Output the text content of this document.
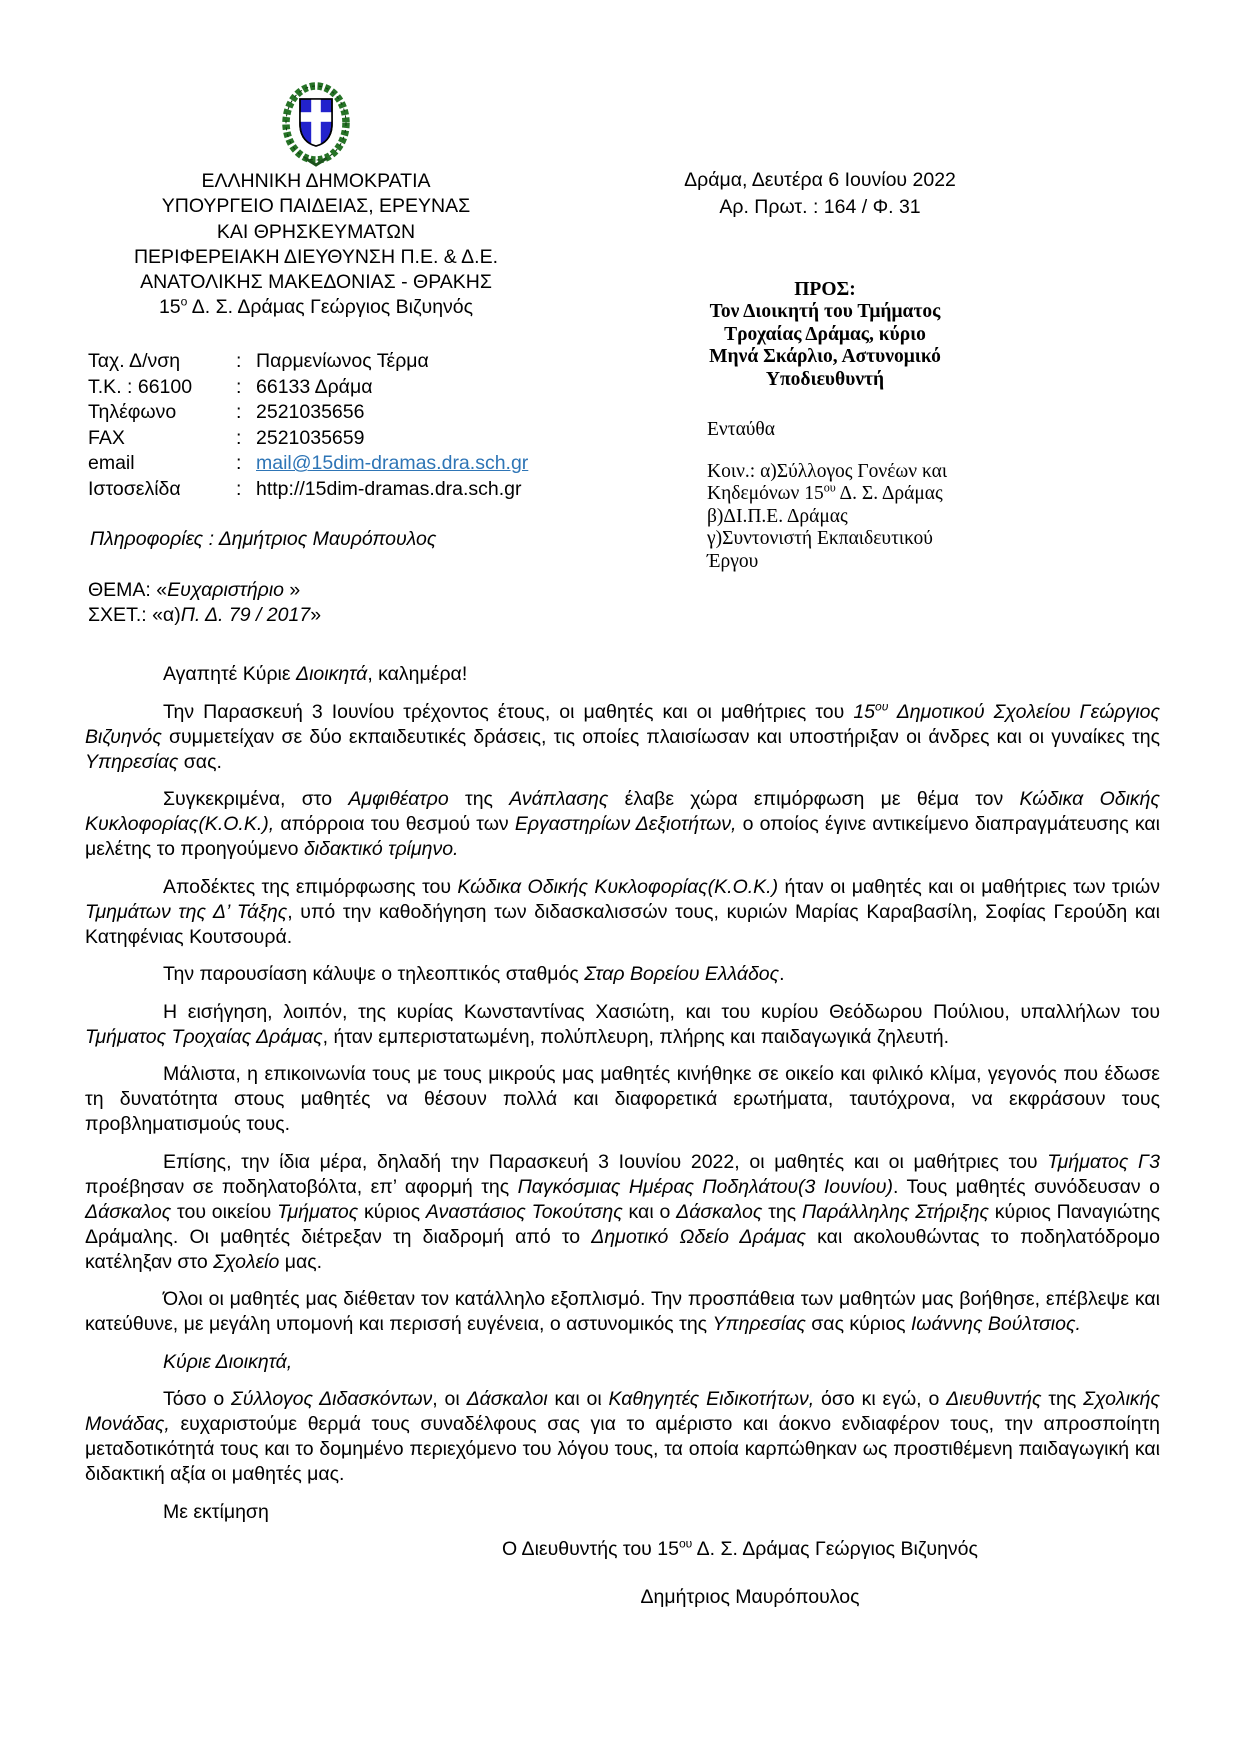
ΕΛΛΗΝΙΚΗ ΔΗΜΟΚΡΑΤΙΑ
ΥΠΟΥΡΓΕΙΟ ΠΑΙΔΕΙΑΣ, ΕΡΕΥΝΑΣ
ΚΑΙ ΘΡΗΣΚΕΥΜΑΤΩΝ
ΠΕΡΙΦΕΡΕΙΑΚΗ ΔΙΕΥΘΥΝΣΗ Π.Ε. & Δ.Ε.
ΑΝΑΤΟΛΙΚΗΣ ΜΑΚΕΔΟΝΙΑΣ - ΘΡΑΚΗΣ
$15^o$ Δ. Σ. Δράμας Γεώργιος Βιζυηνός
Ταχ. Δ/νση	: Παρμενίωνος Τέρμα
Τ.Κ. : 66100	: 66133 Δράμα
Τηλέφωνο	: 2521035656
FAX	: 2521035659
email	: mail@15dim-dramas.dra.sch.gr
Ιστοσελίδα	: http://15dim-dramas.dra.sch.gr
Πληροφορίες : Δημήτριος Μαυρόπουλος
Δράμα, Δευτέρα 6 Ιουνίου 2022
Αρ. Πρωτ. : 164 / Φ. 31
ΠΡΟΣ:
Τον Διοικητή του Τμήματος
Τροχαίας Δράμας, κύριο
Μηνά Σκάρλιο, Αστυνομικό
Υποδιευθυντή
Ενταύθα
Κοιν.: α)Σύλλογος Γονέων και
Κηδεμόνων $15^{o\upsilon}$ Δ. Σ. Δράμας
β)ΔΙ.Π.Ε. Δράμας
γ)Συντονιστή Εκπαιδευτικού
Έργου
ΘΕΜΑ: «Ευχαριστήριο »
ΣΧΕΤ.: «α)Π. Δ. 79 / 2017»

Αγαπητέ Κύριε Διοικητά, καλημέρα!

Την Παρασκευή 3 Ιουνίου τρέχοντος έτους, οι μαθητές και οι μαθήτριες του $15^{o\upsilon}$ Δημοτικού Σχολείου Γεώργιος Βιζυηνός συμμετείχαν σε δύο εκπαιδευτικές δράσεις, τις οποίες πλαισίωσαν και υποστήριξαν οι άνδρες και οι γυναίκες της Υπηρεσίας σας.

Συγκεκριμένα, στο Αμφιθέατρο της Ανάπλασης έλαβε χώρα επιμόρφωση με θέμα τον Κώδικα Οδικής Κυκλοφορίας(Κ.Ο.Κ.), απόρροια του θεσμού των Εργαστηρίων Δεξιοτήτων, ο οποίος έγινε αντικείμενο διαπραγμάτευσης και μελέτης το προηγούμενο διδακτικό τρίμηνο.

Αποδέκτες της επιμόρφωσης του Κώδικα Οδικής Κυκλοφορίας(Κ.Ο.Κ.) ήταν οι μαθητές και οι μαθήτριες των τριών Τμημάτων της Δ’ Τάξης, υπό την καθοδήγηση των διδασκαλισσών τους, κυριών Μαρίας Καραβασίλη, Σοφίας Γερούδη και Κατηφένιας Κουτσουρά.

Την παρουσίαση κάλυψε ο τηλεοπτικός σταθμός Σταρ Βορείου Ελλάδος.

Η εισήγηση, λοιπόν, της κυρίας Κωνσταντίνας Χασιώτη, και του κυρίου Θεόδωρου Πούλιου, υπαλλήλων του Τμήματος Τροχαίας Δράμας, ήταν εμπεριστατωμένη, πολύπλευρη, πλήρης και παιδαγωγικά ζηλευτή.

Μάλιστα, η επικοινωνία τους με τους μικρούς μας μαθητές κινήθηκε σε οικείο και φιλικό κλίμα, γεγονός που έδωσε τη δυνατότητα στους μαθητές να θέσουν πολλά και διαφορετικά ερωτήματα, ταυτόχρονα, να εκφράσουν τους προβληματισμούς τους.

Επίσης, την ίδια μέρα, δηλαδή την Παρασκευή 3 Ιουνίου 2022, οι μαθητές και οι μαθήτριες του Τμήματος Γ3 προέβησαν σε ποδηλατοβόλτα, επ’ αφορμή της Παγκόσμιας Ημέρας Ποδηλάτου(3 Ιουνίου). Τους μαθητές συνόδευσαν ο Δάσκαλος του οικείου Τμήματος κύριος Αναστάσιος Τοκούτσης και ο Δάσκαλος της Παράλληλης Στήριξης κύριος Παναγιώτης Δράμαλης. Οι μαθητές διέτρεξαν τη διαδρομή από το Δημοτικό Ωδείο Δράμας και ακολουθώντας το ποδηλατόδρομο κατέληξαν στο Σχολείο μας.

Όλοι οι μαθητές μας διέθεταν τον κατάλληλο εξοπλισμό. Την προσπάθεια των μαθητών μας βοήθησε, επέβλεψε και κατεύθυνε, με μεγάλη υπομονή και περισσή ευγένεια, ο αστυνομικός της Υπηρεσίας σας κύριος Ιωάννης Βούλτσιος.

Κύριε Διοικητά,

Τόσο ο Σύλλογος Διδασκόντων, οι Δάσκαλοι και οι Καθηγητές Ειδικοτήτων, όσο κι εγώ, ο Διευθυντής της Σχολικής Μονάδας, ευχαριστούμε θερμά τους συναδέλφους σας για το αμέριστο και άοκνο ενδιαφέρον τους, την απροσποίητη μεταδοτικότητά τους και το δομημένο περιεχόμενο του λόγου τους, τα οποία καρπώθηκαν ως προστιθέμενη παιδαγωγική και διδακτική αξία οι μαθητές μας.

Με εκτίμηση

Ο Διευθυντής του $15^{o\upsilon}$ Δ. Σ. Δράμας Γεώργιος Βιζυηνός

Δημήτριος Μαυρόπουλος
